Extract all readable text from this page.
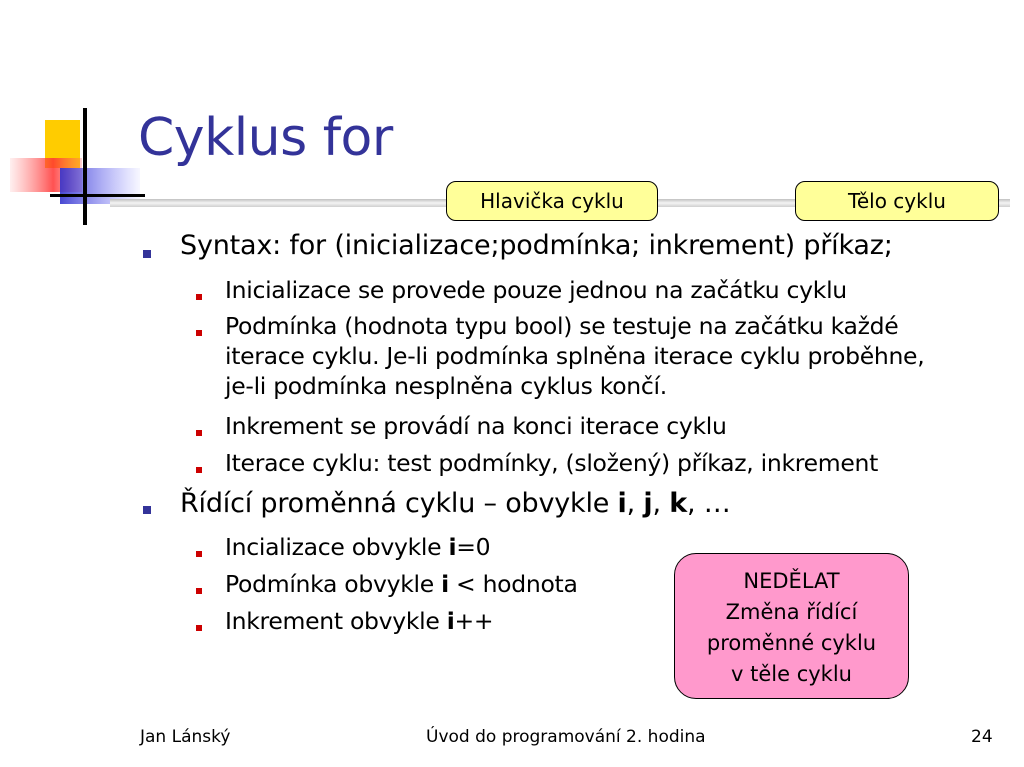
Cyklus for
Hlavička cyklu	Tělo cyklu
Syntax: for (inicializace;podmínka; inkrement) příkaz;
Inicializace se provede pouze jednou na začátku cyklu
Podmínka (hodnota typu bool) se testuje na začátku každé
iterace cyklu. Je-li podmínka splněna iterace cyklu proběhne,
je-li podmínka nesplněna cyklus končí.
Inkrement se provádí na konci iterace cyklu
Iterace cyklu: test podmínky, (složený) příkaz, inkrement
Řídící proměnná cyklu – obvykle i, j, k, …
Incializace obvykle i=0
Podmínka obvykle i < hodnota
Inkrement obvykle i++
NEDĚLAT
Změna řídící
proměnné cyklu
v těle cyklu
Jan Lánský	Úvod do programování 2. hodina	24
